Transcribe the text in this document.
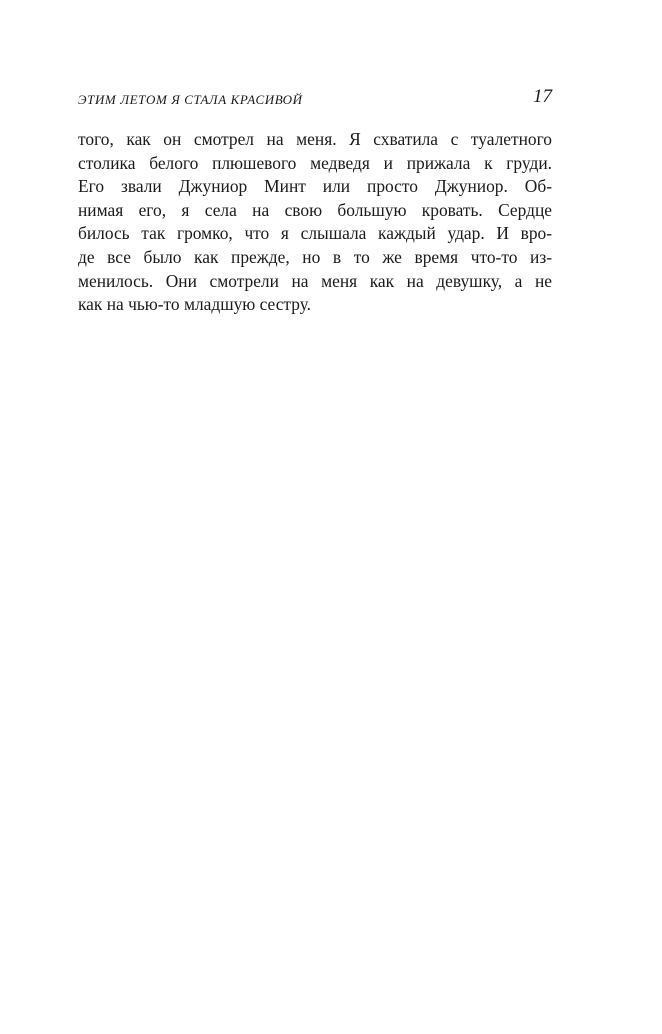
ЭТИМ ЛЕТОМ Я СТАЛА КРАСИВОЙ	17
того, как он смотрел на меня. Я схватила с туалетного
столика белого плюшевого медведя и прижала к груди.
Его звали Джуниор Минт или просто Джуниор. Об-
нимая его, я села на свою большую кровать. Сердце
билось так громко, что я слышала каждый удар. И вро-
де все было как прежде, но в то же время что-то из-
менилось. Они смотрели на меня как на девушку, а не
как на чью-то младшую сестру.
